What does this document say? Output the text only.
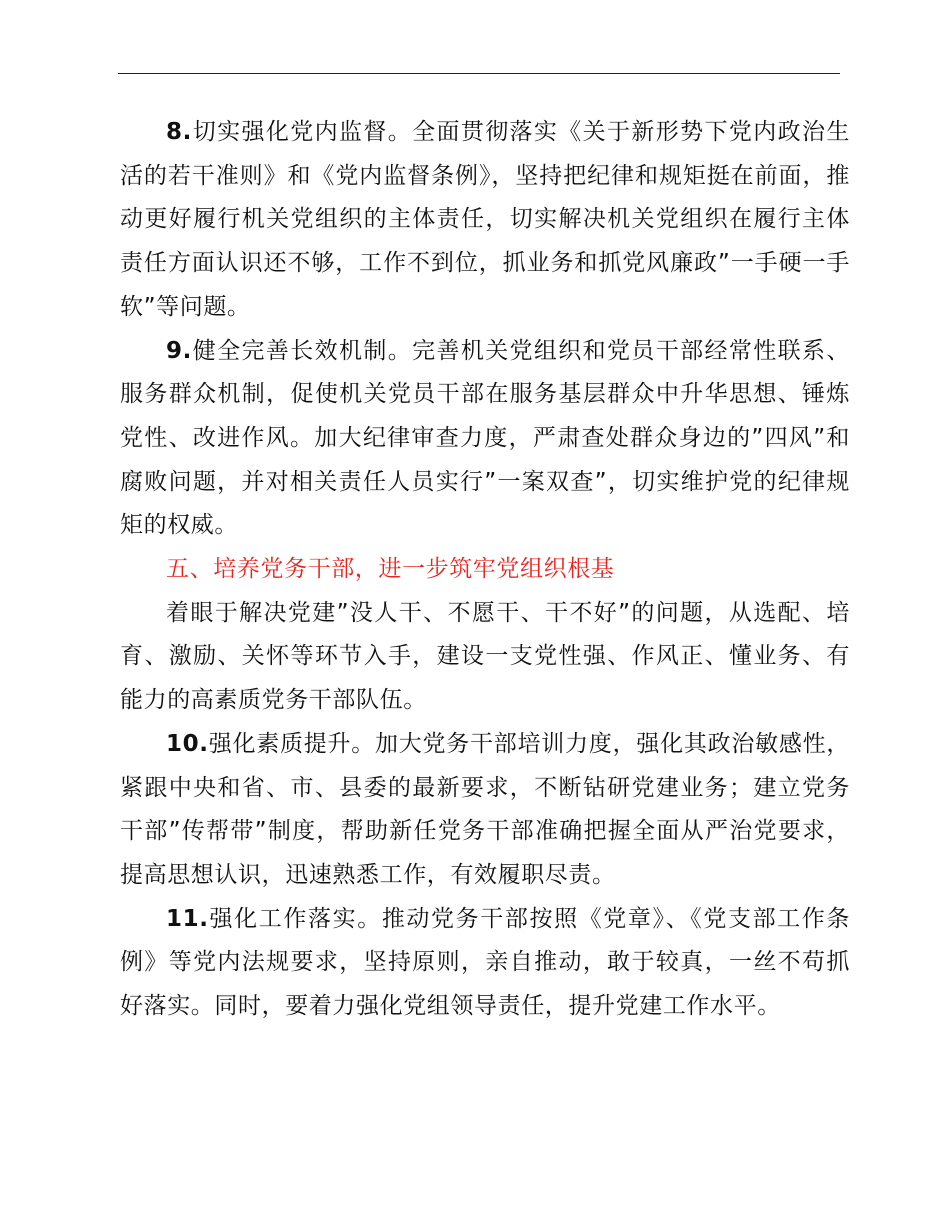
8.切实强化党内监督。全面贯彻落实《关于新形势下党内政治生活的若干准则》和《党内监督条例》，坚持把纪律和规矩挺在前面，推动更好履行机关党组织的主体责任，切实解决机关党组织在履行主体责任方面认识还不够，工作不到位，抓业务和抓党风廉政”一手硬一手软”等问题。

9.健全完善长效机制。完善机关党组织和党员干部经常性联系、服务群众机制，促使机关党员干部在服务基层群众中升华思想、锤炼党性、改进作风。加大纪律审查力度，严肃查处群众身边的”四风”和腐败问题，并对相关责任人员实行”一案双查”，切实维护党的纪律规矩的权威。

五、培养党务干部，进一步筑牢党组织根基

着眼于解决党建”没人干、不愿干、干不好”的问题，从选配、培育、激励、关怀等环节入手，建设一支党性强、作风正、懂业务、有能力的高素质党务干部队伍。

10.强化素质提升。加大党务干部培训力度，强化其政治敏感性，紧跟中央和省、市、县委的最新要求，不断钻研党建业务；建立党务干部”传帮带”制度，帮助新任党务干部准确把握全面从严治党要求，提高思想认识，迅速熟悉工作，有效履职尽责。

11.强化工作落实。推动党务干部按照《党章》、《党支部工作条例》等党内法规要求，坚持原则，亲自推动，敢于较真，一丝不苟抓好落实。同时，要着力强化党组领导责任，提升党建工作水平。
